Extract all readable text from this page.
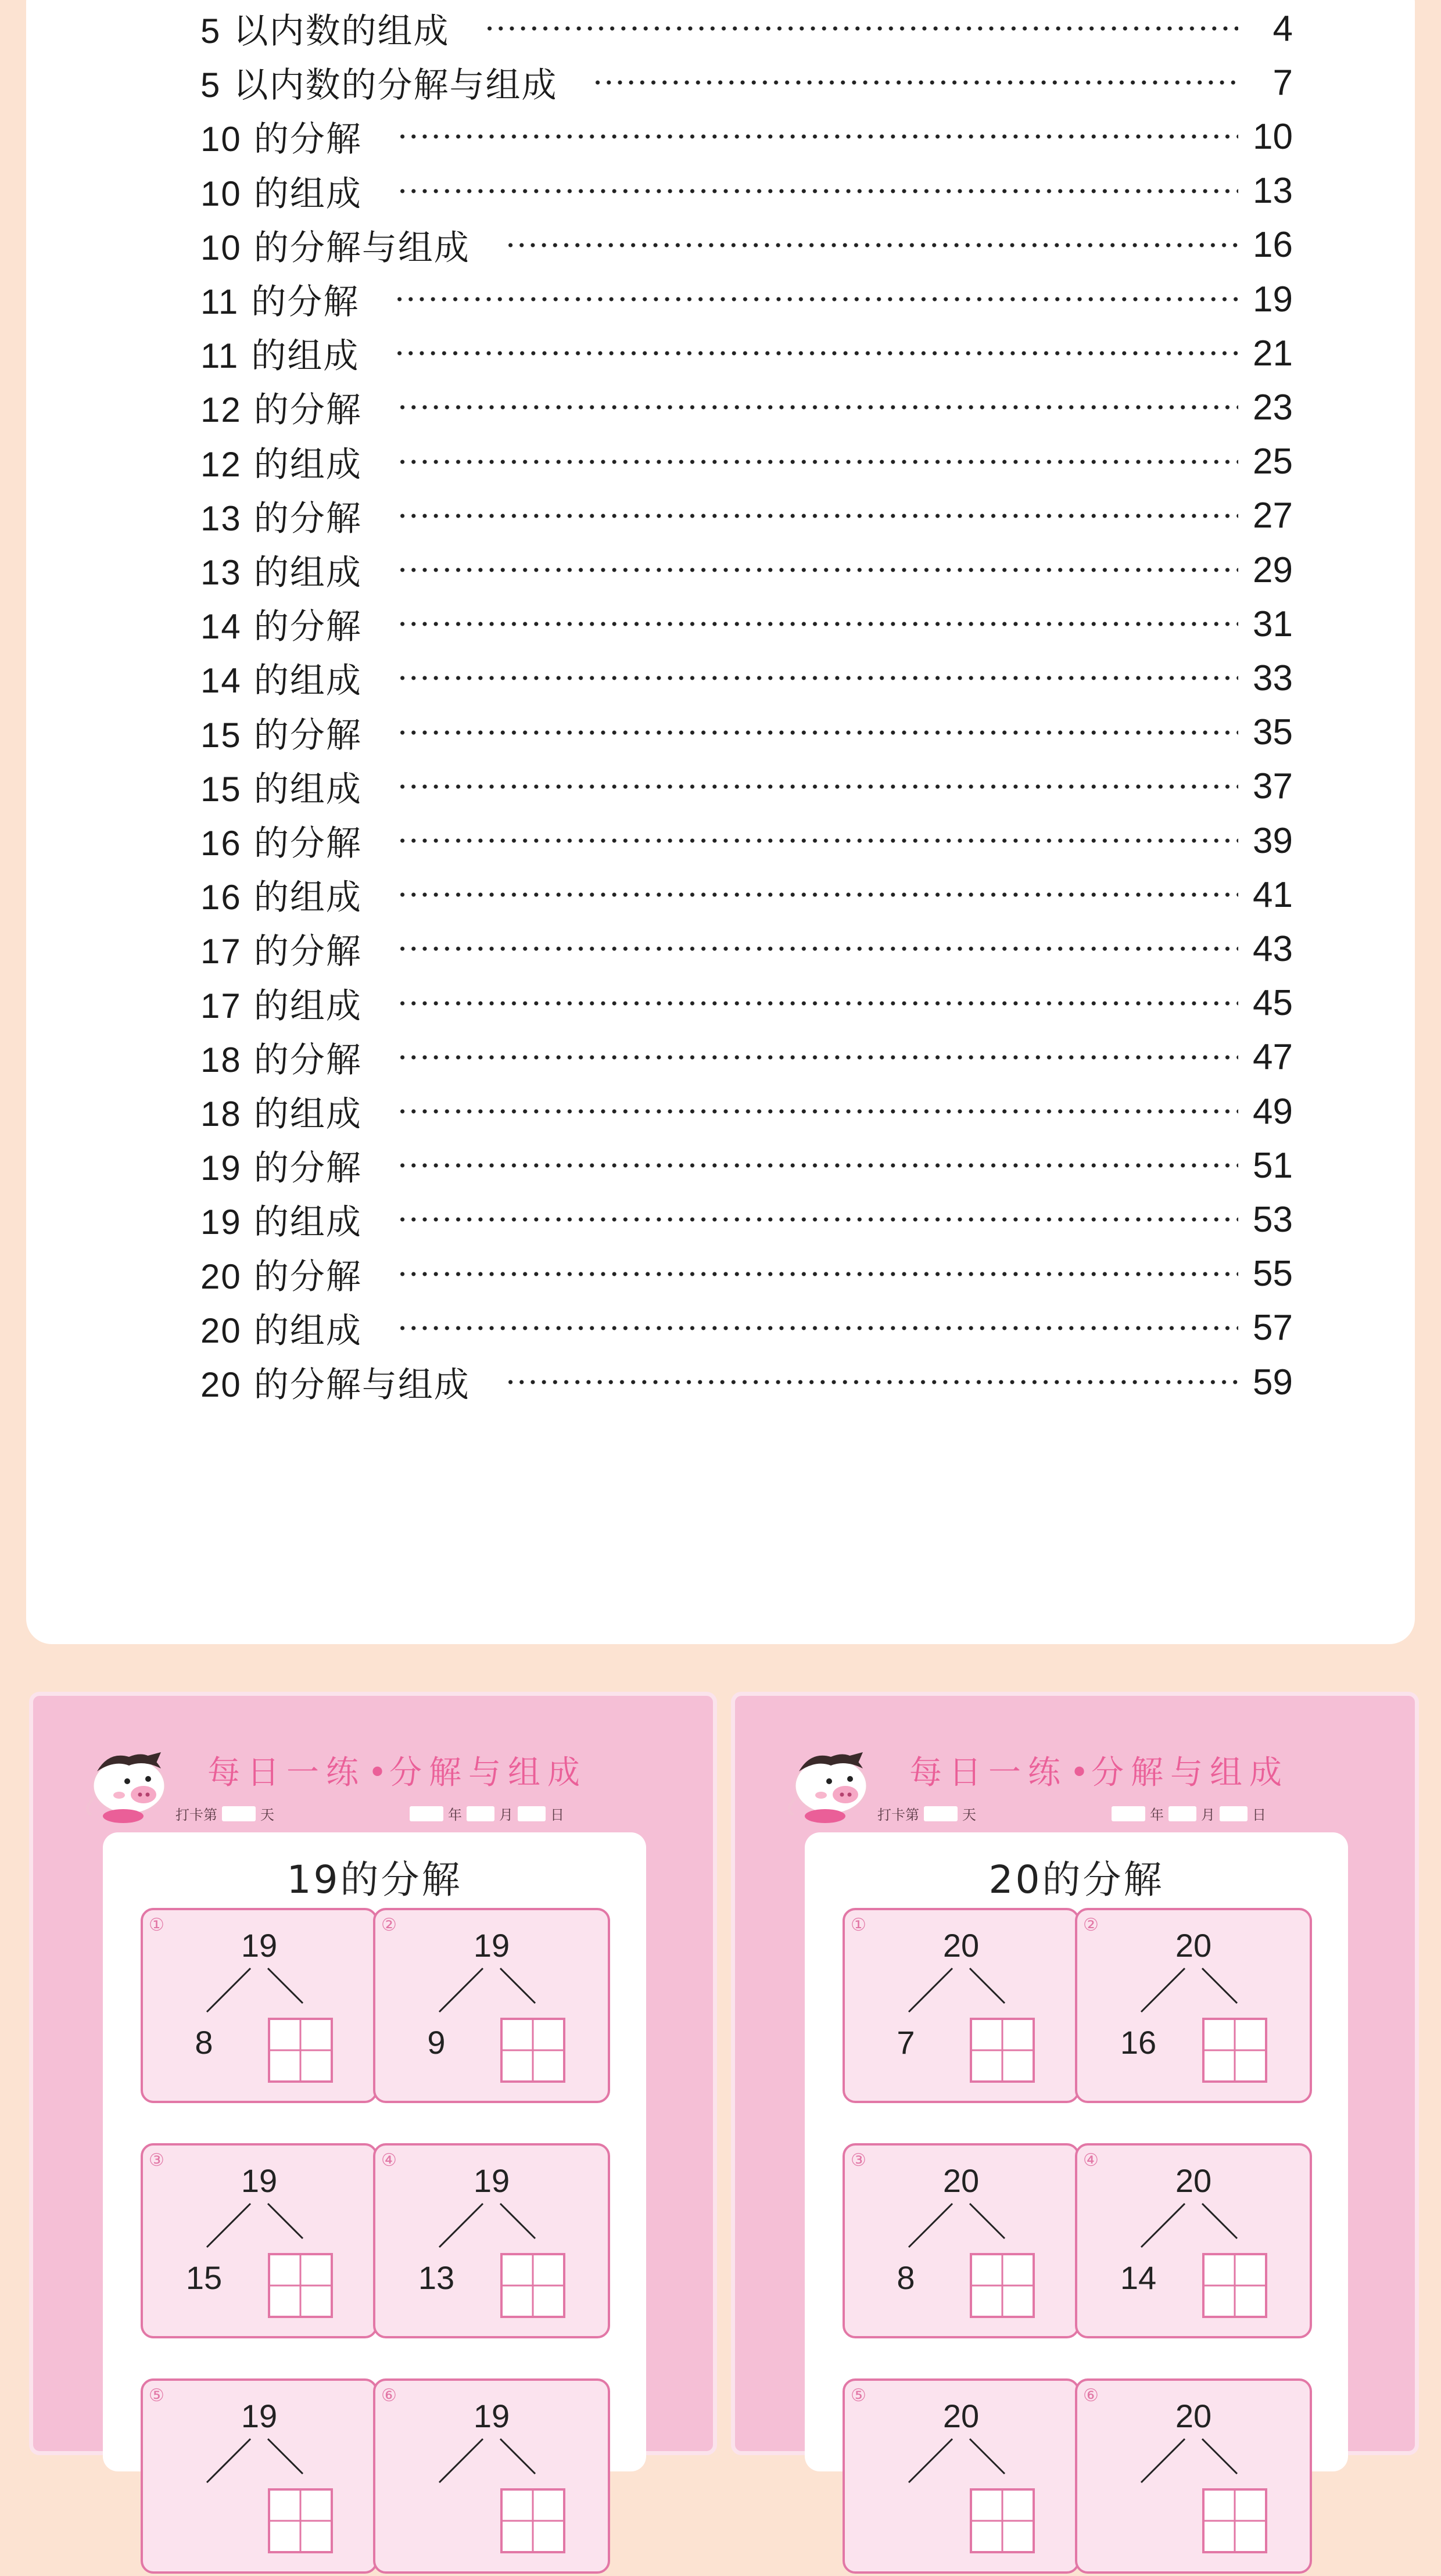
5 以内数的组成	4
5 以内数的分解与组成	7
10 的分解	10
10 的组成	13
10 的分解与组成	16
11 的分解	19
11 的组成	21
12 的分解	23
12 的组成	25
13 的分解	27
13 的组成	29
14 的分解	31
14 的组成	33
15 的分解	35
15 的组成	37
16 的分解	39
16 的组成	41
17 的分解	43
17 的组成	45
18 的分解	47
18 的组成	49
19 的分解	51
19 的组成	53
20 的分解	55
20 的组成	57
20 的分解与组成	59
每日一练•分解与组成
打卡第	天	年	月	日
19的分解
①
19
8
②
19
9
③
19
15
④
19
13
⑤
19
⑥
19
每日一练•分解与组成
打卡第	天	年	月	日
20的分解
①
20
7
②
20
16
③
20
8
④
20
14
⑤
20
⑥
20
